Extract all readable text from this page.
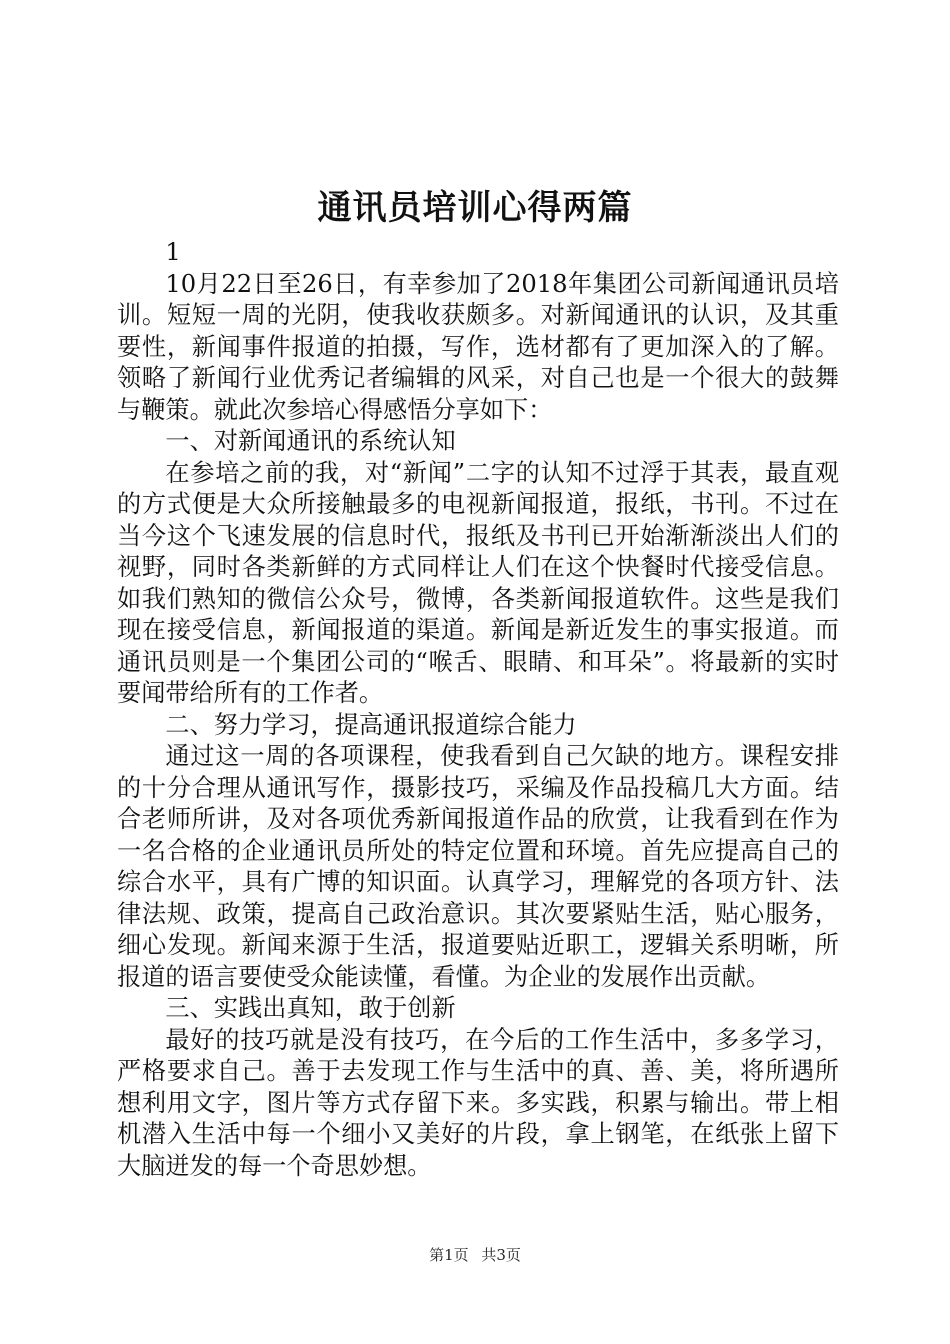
通讯员培训心得两篇

1

10月22日至26日，有幸参加了2018年集团公司新闻通讯员培训。短短一周的光阴，使我收获颇多。对新闻通讯的认识，及其重要性，新闻事件报道的拍摄，写作，选材都有了更加深入的了解。领略了新闻行业优秀记者编辑的风采，对自己也是一个很大的鼓舞与鞭策。就此次参培心得感悟分享如下：

一、对新闻通讯的系统认知

在参培之前的我，对“新闻”二字的认知不过浮于其表，最直观的方式便是大众所接触最多的电视新闻报道，报纸，书刊。不过在当今这个飞速发展的信息时代，报纸及书刊已开始渐渐淡出人们的视野，同时各类新鲜的方式同样让人们在这个快餐时代接受信息。如我们熟知的微信公众号，微博，各类新闻报道软件。这些是我们现在接受信息，新闻报道的渠道。新闻是新近发生的事实报道。而通讯员则是一个集团公司的“喉舌、眼睛、和耳朵”。将最新的实时要闻带给所有的工作者。

二、努力学习，提高通讯报道综合能力

通过这一周的各项课程，使我看到自己欠缺的地方。课程安排的十分合理从通讯写作，摄影技巧，采编及作品投稿几大方面。结合老师所讲，及对各项优秀新闻报道作品的欣赏，让我看到在作为一名合格的企业通讯员所处的特定位置和环境。首先应提高自己的综合水平，具有广博的知识面。认真学习，理解党的各项方针、法律法规、政策，提高自己政治意识。其次要紧贴生活，贴心服务，细心发现。新闻来源于生活，报道要贴近职工，逻辑关系明晰，所报道的语言要使受众能读懂，看懂。为企业的发展作出贡献。

三、实践出真知，敢于创新

最好的技巧就是没有技巧，在今后的工作生活中，多多学习，严格要求自己。善于去发现工作与生活中的真、善、美，将所遇所想利用文字，图片等方式存留下来。多实践，积累与输出。带上相机潜入生活中每一个细小又美好的片段，拿上钢笔，在纸张上留下大脑迸发的每一个奇思妙想。

第1页 共3页
